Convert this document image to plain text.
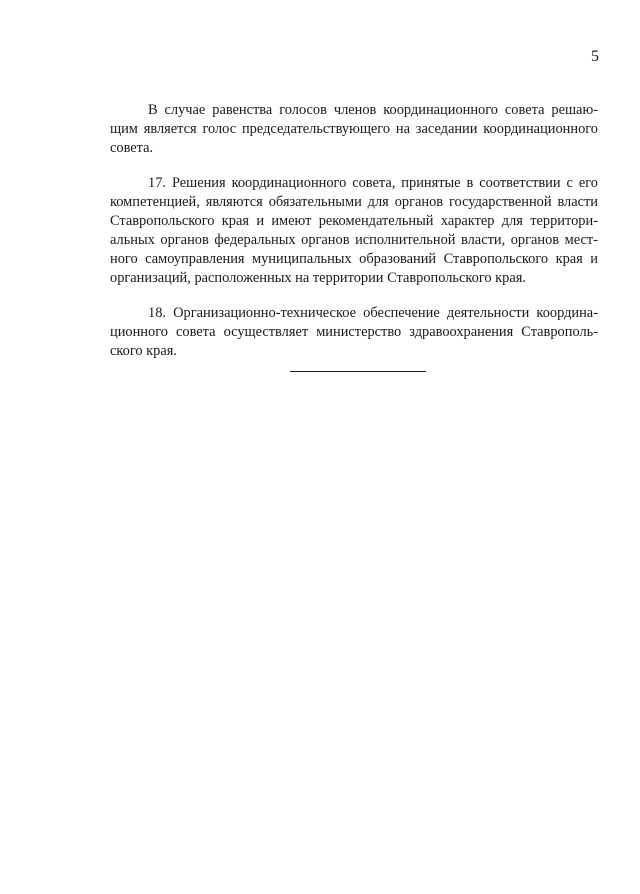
5

В случае равенства голосов членов координационного совета решаю-
щим является голос председательствующего на заседании координационного
совета.

17. Решения координационного совета, принятые в соответствии с его
компетенцией, являются обязательными для органов государственной власти
Ставропольского края и имеют рекомендательный характер для территори-
альных органов федеральных органов исполнительной власти, органов мест-
ного самоуправления муниципальных образований Ставропольского края и
организаций, расположенных на территории Ставропольского края.

18. Организационно-техническое обеспечение деятельности координа-
ционного совета осуществляет министерство здравоохранения Ставрополь-
ского края.
